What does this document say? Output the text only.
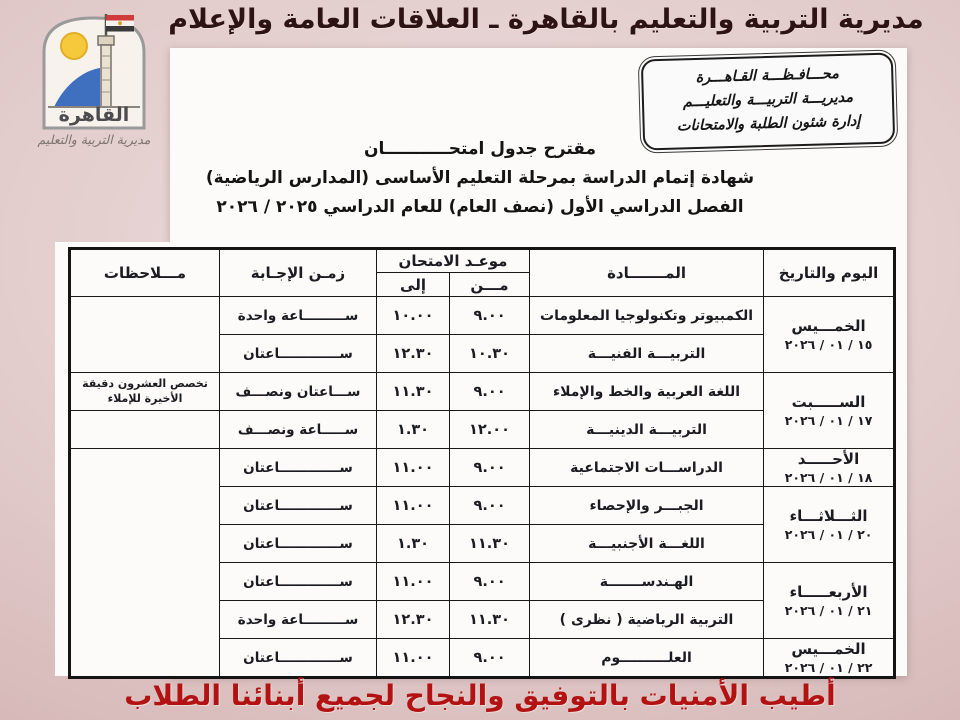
مديرية التربية والتعليم بالقاهرة ـ العلاقات العامة والإعلام
القاهرة
مديرية التربية والتعليم
محـــافـظـــة القـاهـــرة
مديريـــة التربيـــة والتعليـــم
إدارة شئون الطلبة والامتحانات
مقترح جدول امتحـــــــــــان
شهادة إتمام الدراسة بمرحلة التعليم الأساسى (المدارس الرياضية)
الفصل الدراسي الأول (نصف العام) للعام الدراسي ٢٠٢٥ / ٢٠٢٦
اليوم والتاريخ	المـــــــادة	موعـد الامتحان		زمـن الإجـابة	مـــلاحظات
		مـــن	إلى		

الخمـــيس
١٥ / ٠١ / ٢٠٢٦	الكمبيوتر وتكنولوجيا المعلومات	٩.٠٠	١٠.٠٠	ســـــــــاعة واحدة	
	التربيـــة الفنيـــة	١٠.٣٠	١٢.٣٠	ســـــــــــــاعتان	

الســـــبت
١٧ / ٠١ / ٢٠٢٦	اللغة العربية والخط والإملاء	٩.٠٠	١١.٣٠	ســـاعتان ونصـــف	تخصص العشرون دقيقة الأخيرة للإملاء
	التربيـــة الدينيـــة	١٢.٠٠	١.٣٠	ســـــاعة ونصـــف	

الأحـــــد
١٨ / ٠١ / ٢٠٢٦	الدراســـات الاجتماعية	٩.٠٠	١١.٠٠	ســـــــــــــاعتان	

الثـــلاثـــاء
٢٠ / ٠١ / ٢٠٢٦	الجبـــر والإحصاء	٩.٠٠	١١.٠٠	ســـــــــــــاعتان	
	اللغـــة الأجنبيـــة	١١.٣٠	١.٣٠	ســـــــــــــاعتان	

الأربعـــــاء
٢١ / ٠١ / ٢٠٢٦	الهـندســـــــة	٩.٠٠	١١.٠٠	ســـــــــــــاعتان	
	التربية الرياضية ( نظرى )	١١.٣٠	١٢.٣٠	ســـــــــاعة واحدة	

الخمـــيس
٢٢ / ٠١ / ٢٠٢٦	العلــــــــــوم	٩.٠٠	١١.٠٠	ســـــــــــــاعتان	
أطيب الأمنيات بالتوفيق والنجاح لجميع أبنائنا الطلاب
